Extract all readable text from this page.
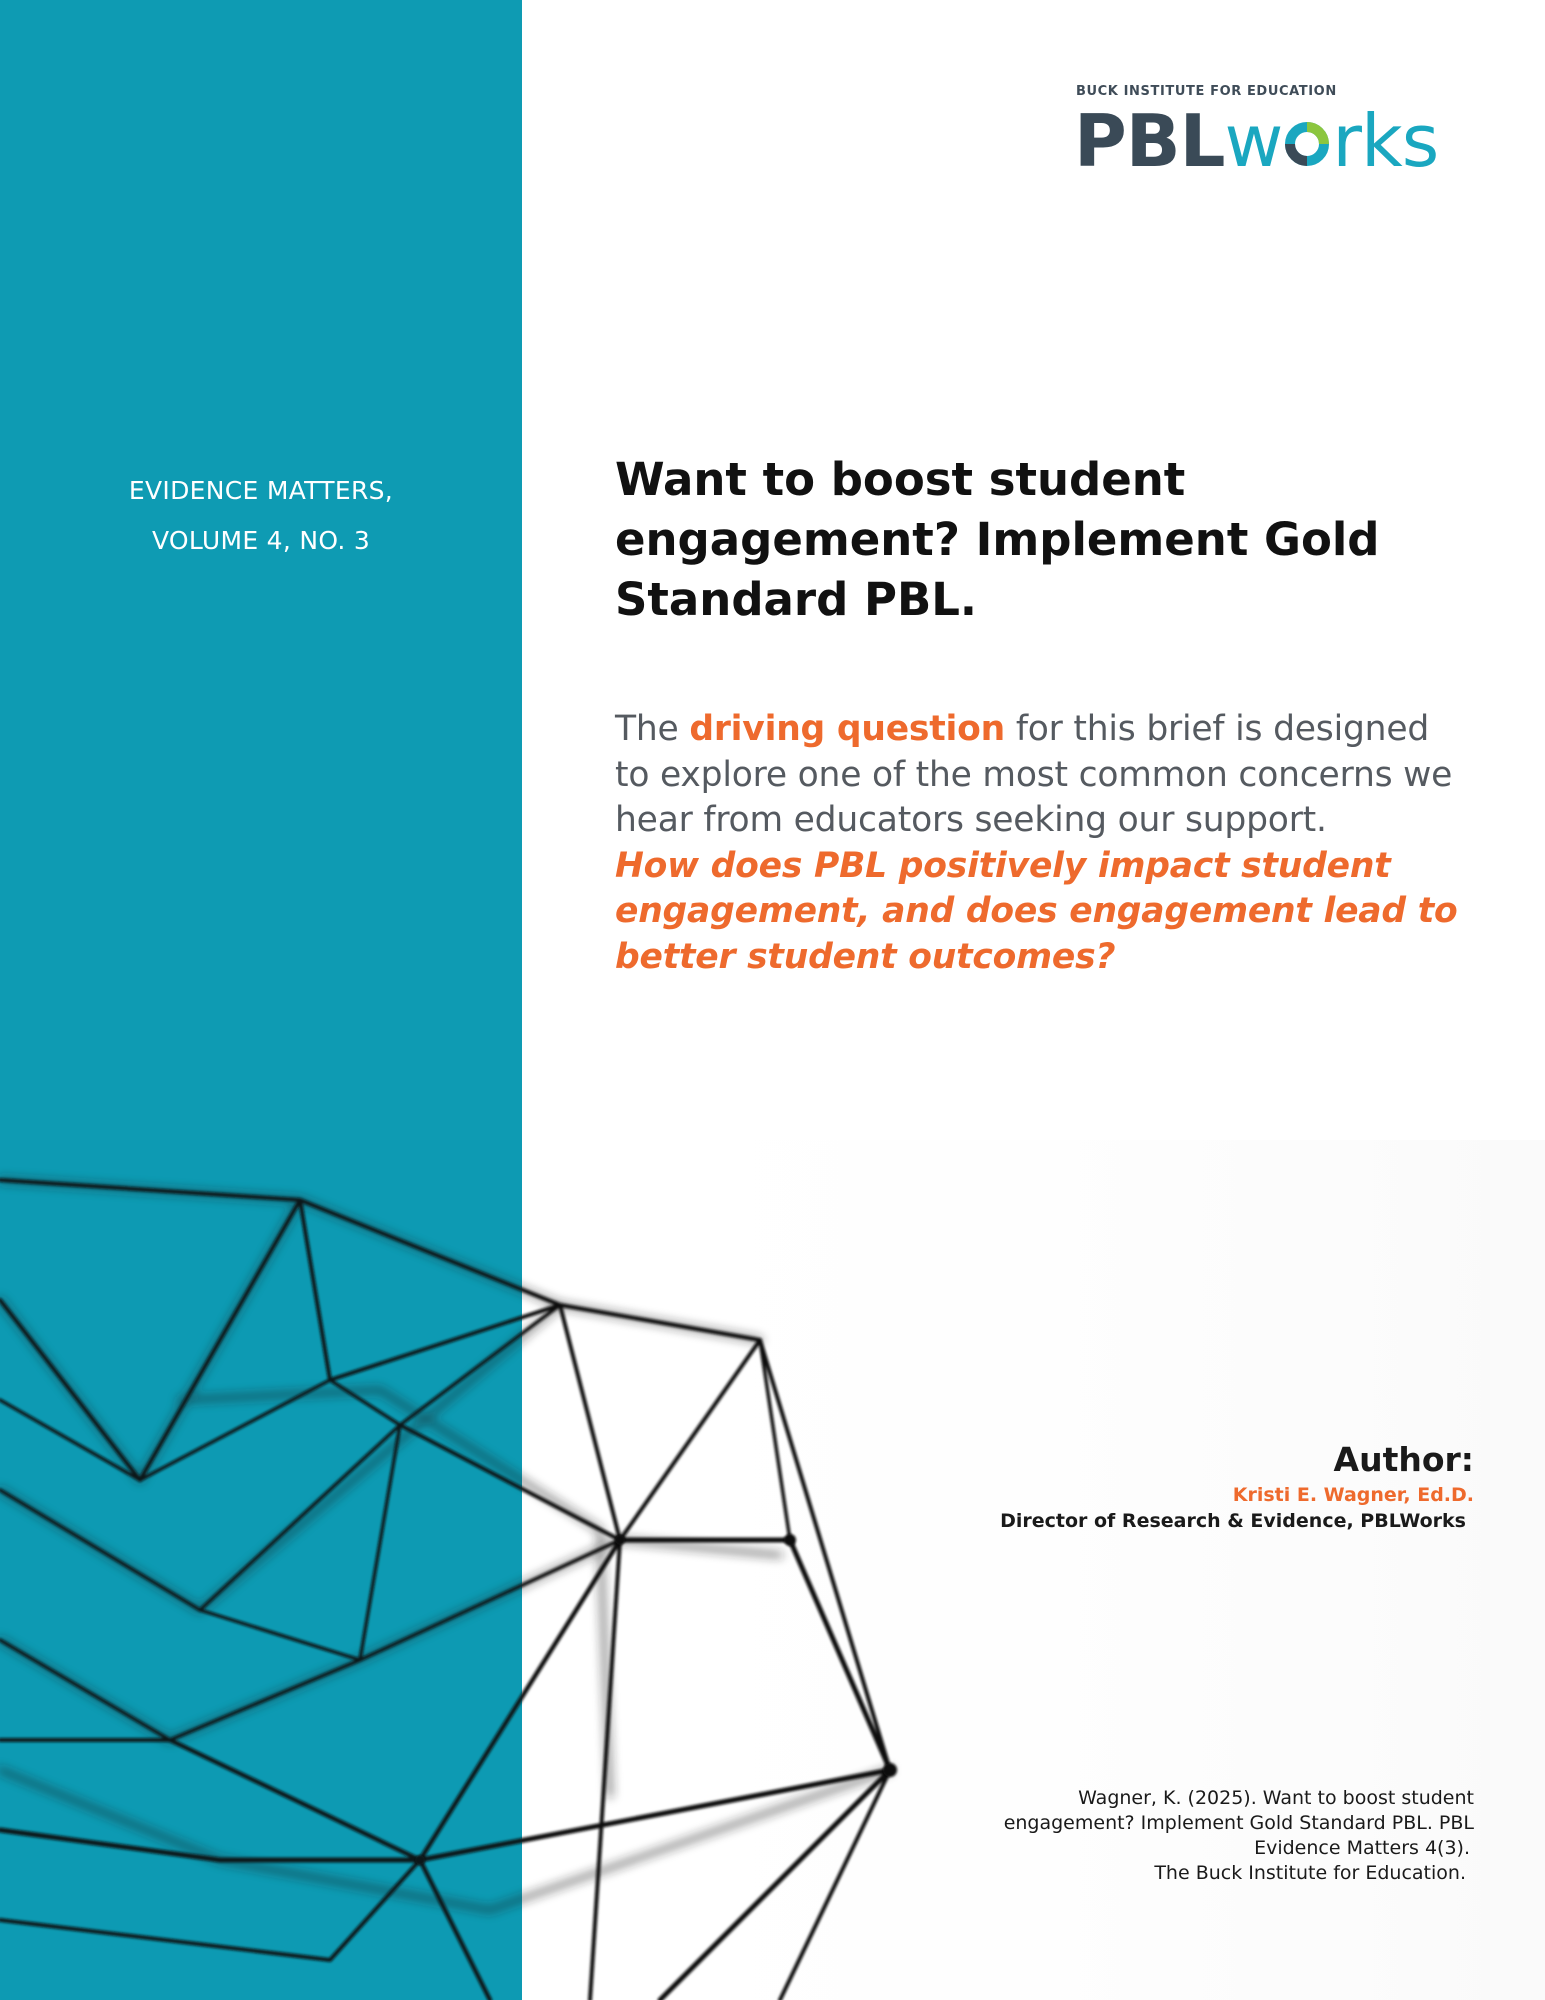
EVIDENCE MATTERS,
VOLUME 4, NO. 3
BUCK INSTITUTE FOR EDUCATION
PBLw rks
Want to boost student engagement? Implement Gold Standard PBL.
The driving question for this brief is designed to explore one of the most common concerns we hear from educators seeking our support.
How does PBL positively impact student engagement, and does engagement lead to better student outcomes?
Author:
Kristi E. Wagner, Ed.D.
Director of Research & Evidence, PBLWorks
Wagner, K. (2025). Want to boost student
engagement? Implement Gold Standard PBL. PBL
Evidence Matters 4(3).
The Buck Institute for Education.
